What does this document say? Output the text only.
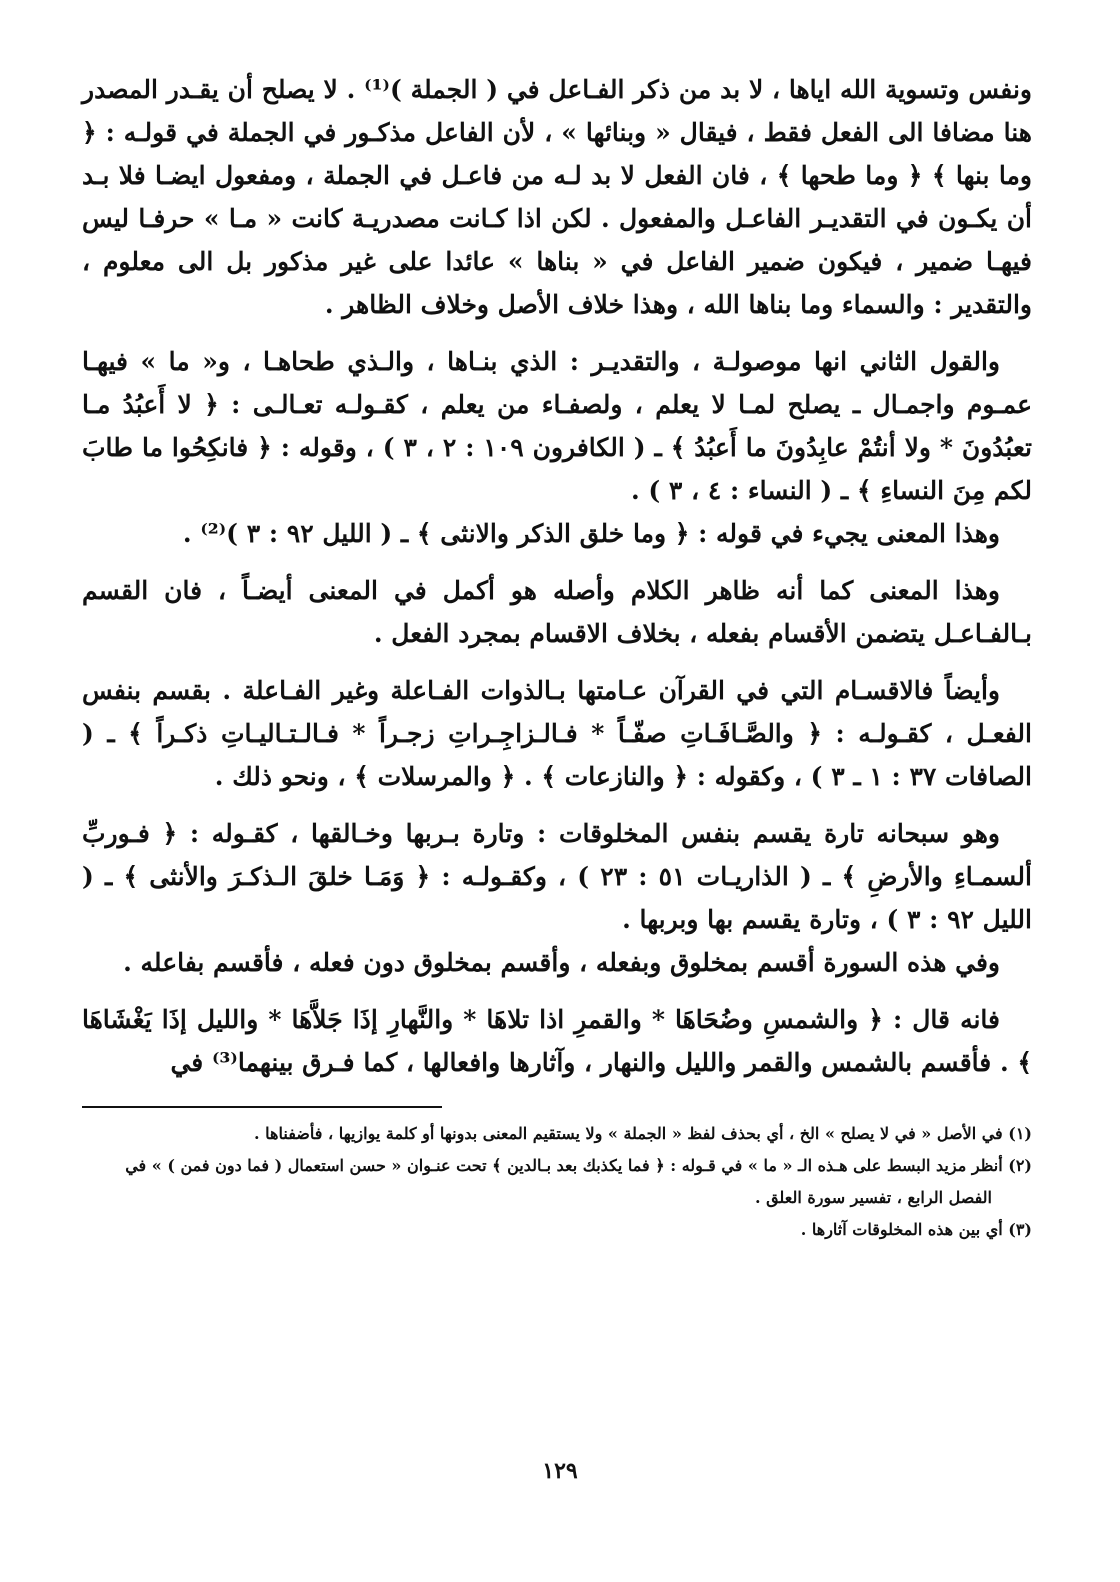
ونفس وتسوية الله اياها ، لا بد من ذكر الفـاعل في ( الجملة )⁽¹⁾ . لا يصلح أن يقـدر المصدر هنا مضافا الى الفعل فقط ، فيقال « وبنائها » ، لأن الفاعل مذكـور في الجملة في قولـه : ﴿ وما بنها ﴾ ﴿ وما طحها ﴾ ، فان الفعل لا بد لـه من فاعـل في الجملة ، ومفعول ايضـا فلا بـد أن يكـون في التقديـر الفاعـل والمفعول . لكن اذا كـانت مصدريـة كانت « مـا » حرفـا ليس فيهـا ضمير ، فيكون ضمير الفاعل في « بناها » عائدا على غير مذكور بل الى معلوم ، والتقدير : والسماء وما بناها الله ، وهذا خلاف الأصل وخلاف الظاهر .

والقول الثاني انها موصولـة ، والتقديـر : الذي بنـاها ، والـذي طحاهـا ، و« ما » فيهـا عمـوم واجمـال ـ يصلح لمـا لا يعلم ، ولصفـاء من يعلم ، كقـولـه تعـالـى : ﴿ لا أَعبُدُ مـا تعبُدُونَ * ولا أنتُمْ عابِدُونَ ما أَعبُدُ ﴾ ـ ( الكافرون ١٠٩ : ٢ ، ٣ ) ، وقوله : ﴿ فانكِحُوا ما طابَ لكم مِنَ النساءِ ﴾ ـ ( النساء : ٤ ، ٣ ) .

وهذا المعنى يجيء في قوله : ﴿ وما خلق الذكر والانثى ﴾ ـ ( الليل ٩٢ : ٣ )⁽²⁾ .

وهذا المعنى كما أنه ظاهر الكلام وأصله هو أكمل في المعنى أيضـاً ، فان القسم بـالفـاعـل يتضمن الأقسام بفعله ، بخلاف الاقسام بمجرد الفعل .

وأيضاً فالاقسـام التي في القرآن عـامتها بـالذوات الفـاعلة وغير الفـاعلة . بقسم بنفس الفعـل ، كقـولـه : ﴿ والصَّـافَـاتِ صفّـاً * فـالـزاجِـراتِ زجـراً * فـالـتـاليـاتِ ذكـراً ﴾ ـ ( الصافات ٣٧ : ١ ـ ٣ ) ، وكقوله : ﴿ والنازعات ﴾ . ﴿ والمرسلات ﴾ ، ونحو ذلك .

وهو سبحانه تارة يقسم بنفس المخلوقات : وتارة بـربها وخـالقها ، كقـوله : ﴿ فـوربِّ ألسمـاءِ والأرضِ ﴾ ـ ( الذاريـات ٥١ : ٢٣ ) ، وكقـولـه : ﴿ وَمَـا خلقَ الـذكـرَ والأنثى ﴾ ـ ( الليل ٩٢ : ٣ ) ، وتارة يقسم بها وبربها .

وفي هذه السورة أقسم بمخلوق وبفعله ، وأقسم بمخلوق دون فعله ، فأقسم بفاعله .

فانه قال : ﴿ والشمسِ وضُحَاهَا * والقمرِ اذا تلاهَا * والنَّهارِ إذَا جَلاَّهَا * والليل إذَا يَغْشَاهَا ﴾ . فأقسم بالشمس والقمر والليل والنهار ، وآثارها وافعالها ، كما فـرق بينهما⁽³⁾ في

(١) في الأصل « في لا يصلح » الخ ، أي بحذف لفظ « الجملة » ولا يستقيم المعنى بدونها أو كلمة يوازيها ، فأضفناها .

(٢) أنظر مزيد البسط على هـذه الـ « ما » في قـوله : ﴿ فما يكذبك بعد بـالدين ﴾ تحت عنـوان « حسن استعمال ( فما دون فمن ) » في

الفصل الرابع ، تفسير سورة العلق .

(٣) أي بين هذه المخلوقات آثارها .

١٢٩
